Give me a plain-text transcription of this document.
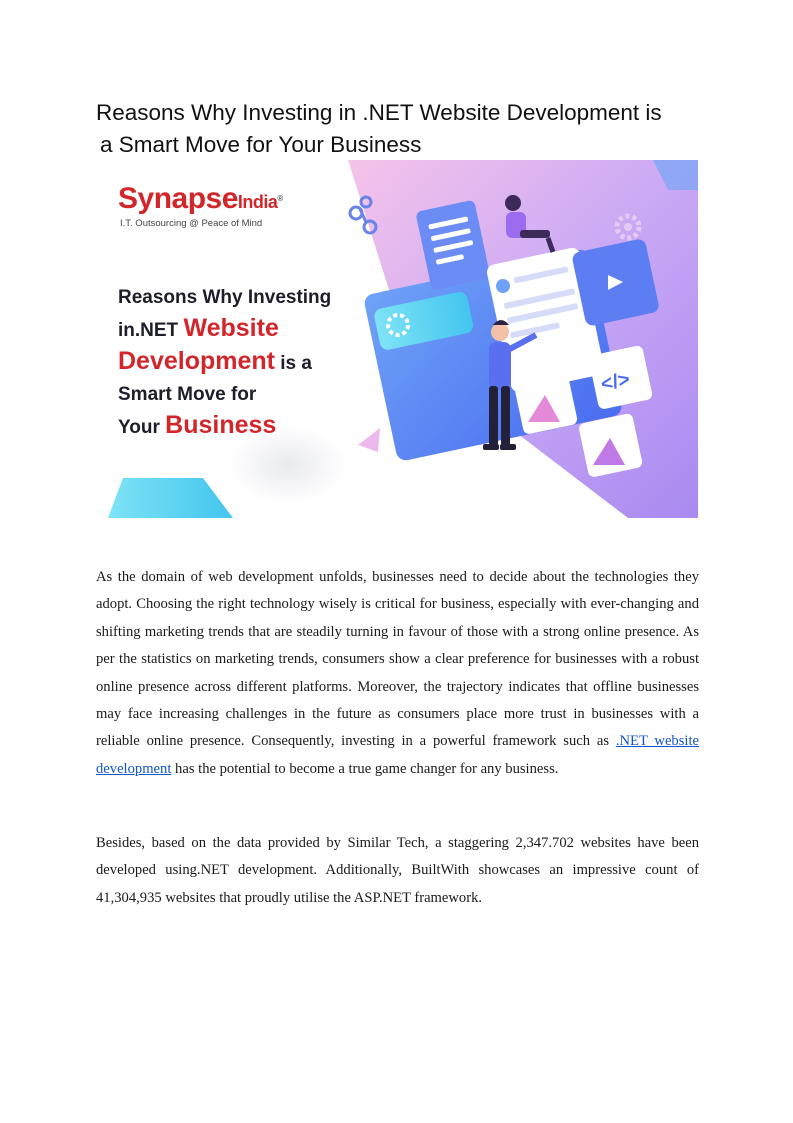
Reasons Why Investing in .NET Website Development is
a Smart Move for Your Business
</>
SynapseIndia®
I.T. Outsourcing @ Peace of Mind
Reasons Why Investing
in.NET Website
Development is a
Smart Move for
Your Business

As the domain of web development unfolds, businesses need to decide about the technologies they adopt. Choosing the right technology wisely is critical for business, especially with ever-changing and shifting marketing trends that are steadily turning in favour of those with a strong online presence. As per the statistics on marketing trends, consumers show a clear preference for businesses with a robust online presence across different platforms. Moreover, the trajectory indicates that offline businesses may face increasing challenges in the future as consumers place more trust in businesses with a reliable online presence. Consequently, investing in a powerful framework such as .NET website development has the potential to become a true game changer for any business.

Besides, based on the data provided by Similar Tech, a staggering 2,347.702 websites have been developed using.NET development. Additionally, BuiltWith showcases an impressive count of 41,304,935 websites that proudly utilise the ASP.NET framework.
